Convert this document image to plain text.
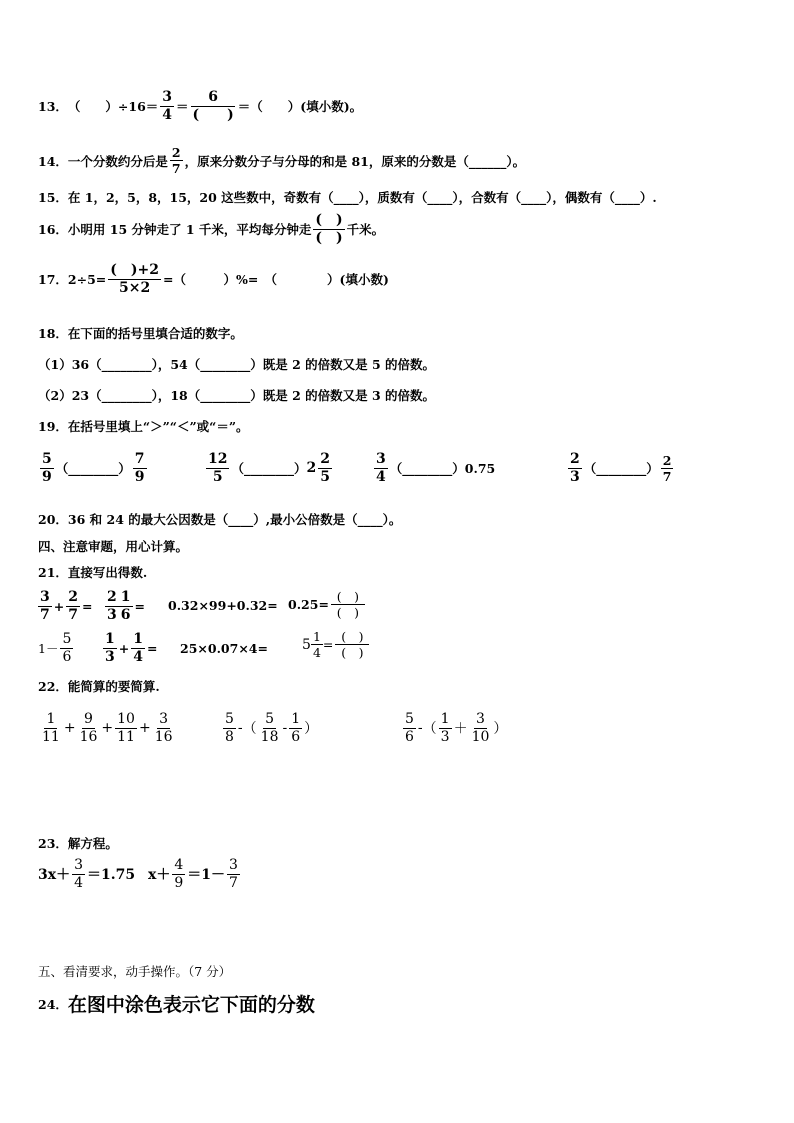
13． （　　）$\div 16= \frac{3}{4} = \frac{6}{( )}$ ＝（　　）(填小数)。
14． 一个分数约分后是 $\frac{2}{7}$ ，原来分数分子与分母的和是 81，原来的分数是（______）。
15．在 1，2，5，8，15，20 这些数中，奇数有（____），质数有（____），合数有（____），偶数有（____）.
16．小明用 15 分钟走了 1 千米，平均每分钟走 $\frac{( )}{( )}$ 千米。
17．$2\div 5= \frac{( )+2}{5\times 2}$ =（　　　）%=　（　　　　）(填小数)
18．在下面的括号里填合适的数字。
（1）36（________），54（________）既是 2 的倍数又是 5 的倍数。
（2）23（________），18（________）既是 2 的倍数又是 3 的倍数。
19．在括号里填上“＞”“＜”或“＝”。
$\frac{5}{9}$ （________） $\frac{7}{9}$	$\frac{12}{5}$ （________） $2 \frac{2}{5}$	$\frac{3}{4}$ （________） 0.75	$\frac{2}{3}$ （________） $\frac{2}{7}$
20．36 和 24 的最大公因数是（____）,最小公倍数是（____）。
四、注意审题，用心计算。
21．直接写出得数.
$\frac{3}{7} + \frac{2}{7} = \frac{2}{3} \frac{1}{6} = 0.32\times 99+0.32= 0.25= \frac{( )}{( )}$
$1- \frac{5}{6} \frac{1}{3} + \frac{1}{4} = 25\times 0.07\times 4= 5 \frac{1}{4} = \frac{( )}{( )}$
22．能简算的要简算.
$\frac{1}{11} + \frac{9}{16} + \frac{10}{11} + \frac{3}{16}$	$\frac{5}{8}$ - （ $\frac{5}{18} - \frac{1}{6}$ ）	$\frac{5}{6}$ - （ $\frac{1}{3} + \frac{3}{10}$ ）
23．解方程。
$3x+ \frac{3}{4} =1.75$ $x+ \frac{4}{9} =1- \frac{3}{7}$
五、看清要求，动手操作。（7 分）
24． 在图中涂色表示它下面的分数
